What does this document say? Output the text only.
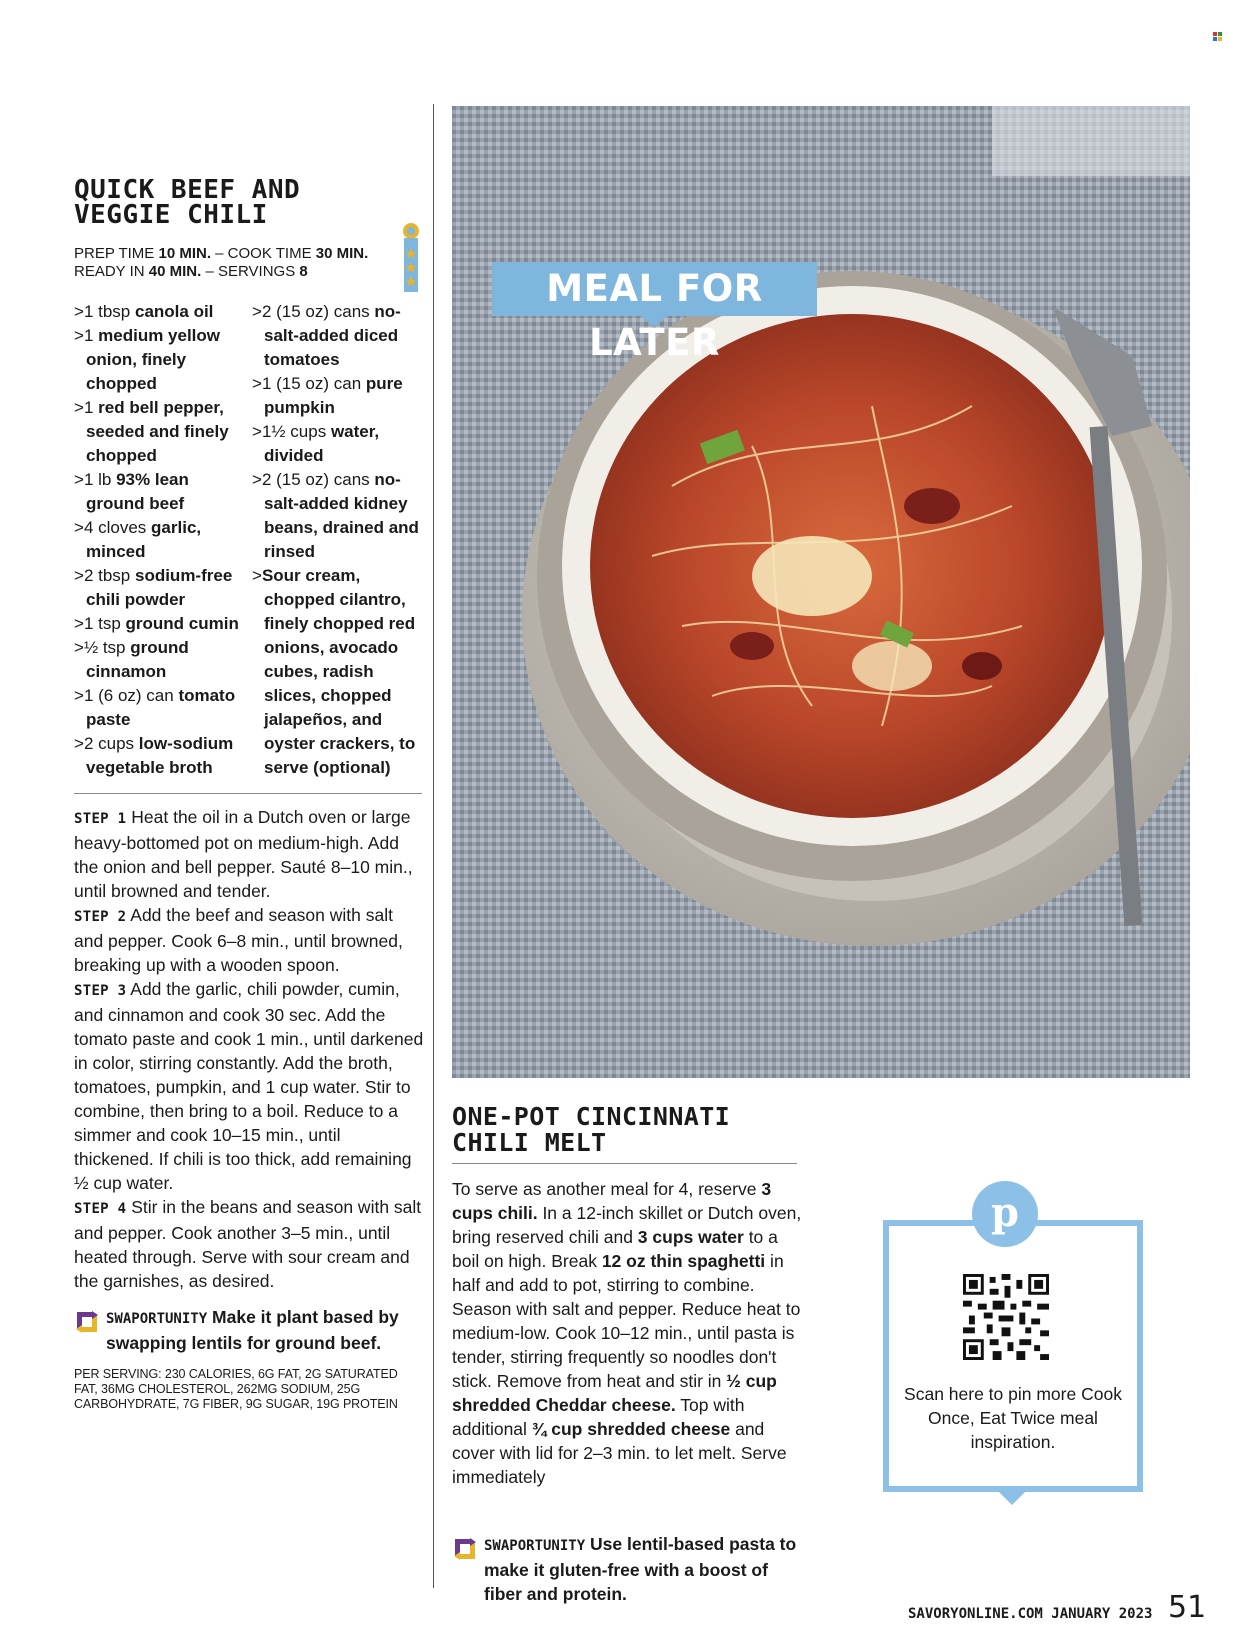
QUICK BEEF AND VEGGIE CHILI
PREP TIME 10 MIN. – COOK TIME 30 MIN.
READY IN 40 MIN. – SERVINGS 8

>1 tbsp canola oil

>1 medium yellow onion, finely chopped

>1 red bell pepper, seeded and finely chopped

>1 lb 93% lean ground beef

>4 cloves garlic, minced

>2 tbsp sodium-free chili powder

>1 tsp ground cumin

>½ tsp ground cinnamon

>1 (6 oz) can tomato paste

>2 cups low-sodium vegetable broth

>2 (15 oz) cans no-salt-added diced tomatoes

>1 (15 oz) can pure pumpkin

>1½ cups water, divided

>2 (15 oz) cans no-salt-added kidney beans, drained and rinsed

>Sour cream, chopped cilantro, finely chopped red onions, avocado cubes, radish slices, chopped jalapeños, and oyster crackers, to serve (optional)

STEP 1 Heat the oil in a Dutch oven or large heavy-bottomed pot on medium-high. Add the onion and bell pepper. Sauté 8–10 min., until browned and tender.

STEP 2 Add the beef and season with salt and pepper. Cook 6–8 min., until browned, breaking up with a wooden spoon.

STEP 3 Add the garlic, chili powder, cumin, and cinnamon and cook 30 sec. Add the tomato paste and cook 1 min., until darkened in color, stirring constantly. Add the broth, tomatoes, pumpkin, and 1 cup water. Stir to combine, then bring to a boil. Reduce to a simmer and cook 10–15 min., until thickened. If chili is too thick, add remaining ½ cup water.

STEP 4 Stir in the beans and season with salt and pepper. Cook another 3–5 min., until heated through. Serve with sour cream and the garnishes, as desired.

SWAPORTUNITY Make it plant based by swapping lentils for ground beef.
PER SERVING: 230 CALORIES, 6G FAT, 2G SATURATED FAT, 36MG CHOLESTEROL, 262MG SODIUM, 25G CARBOHYDRATE, 7G FIBER, 9G SUGAR, 19G PROTEIN
MEAL FOR LATER
ONE-POT CINCINNATI CHILI MELT
To serve as another meal for 4, reserve 3 cups chili. In a 12-inch skillet or Dutch oven, bring reserved chili and 3 cups water to a boil on high. Break 12 oz thin spaghetti in half and add to pot, stirring to combine. Season with salt and pepper. Reduce heat to medium-low. Cook 10–12 min., until pasta is tender, stirring frequently so noodles don't stick. Remove from heat and stir in ½ cup shredded Cheddar cheese. Top with additional ¾ cup shredded cheese and cover with lid for 2–3 min. to let melt. Serve immediately
SWAPORTUNITY Use lentil-based pasta to make it gluten-free with a boost of fiber and protein.
p
Scan here to pin more Cook Once, Eat Twice meal inspiration.
SAVORYONLINE.COM JANUARY 2023 51
